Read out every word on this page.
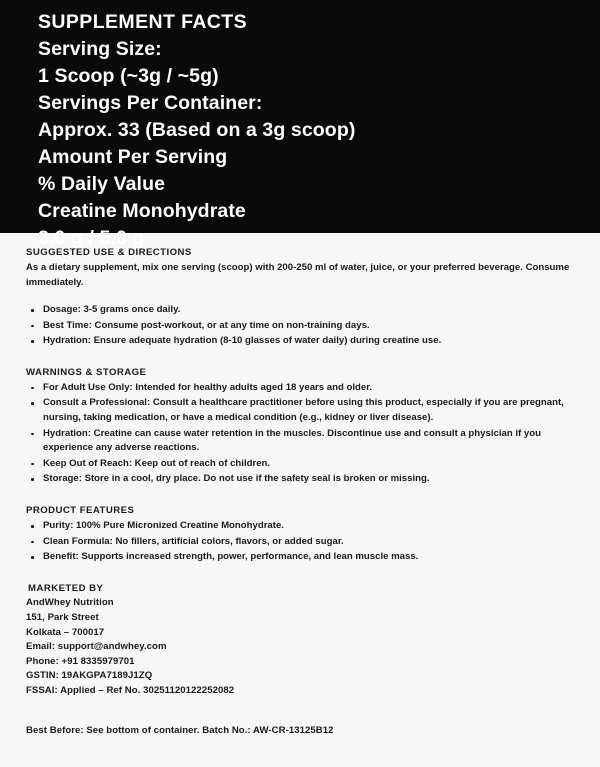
SUPPLEMENT FACTS
Serving Size:
1 Scoop (~3g / ~5g)
Servings Per Container:
Approx. 33 (Based on a 3g scoop)
Amount Per Serving
% Daily Value
Creatine Monohydrate
3.0 g / 5.0 g
SUGGESTED USE & DIRECTIONS

As a dietary supplement, mix one serving (scoop) with 200-250 ml of water, juice, or your preferred beverage. Consume immediately.

Dosage: 3-5 grams once daily.
Best Time: Consume post-workout, or at any time on non-training days.
Hydration: Ensure adequate hydration (8-10 glasses of water daily) during creatine use.
WARNINGS & STORAGE
For Adult Use Only: Intended for healthy adults aged 18 years and older.
Consult a Professional: Consult a healthcare practitioner before using this product, especially if you are pregnant, nursing, taking medication, or have a medical condition (e.g., kidney or liver disease).
Hydration: Creatine can cause water retention in the muscles. Discontinue use and consult a physician if you experience any adverse reactions.
Keep Out of Reach: Keep out of reach of children.
Storage: Store in a cool, dry place. Do not use if the safety seal is broken or missing.
PRODUCT FEATURES
Purity: 100% Pure Micronized Creatine Monohydrate.
Clean Formula: No fillers, artificial colors, flavors, or added sugar.
Benefit: Supports increased strength, power, performance, and lean muscle mass.
MARKETED BY
AndWhey Nutrition
151, Park Street
Kolkata – 700017
Email: support@andwhey.com
Phone: +91 8335979701
GSTIN: 19AKGPA7189J1ZQ
FSSAI: Applied – Ref No. 30251120122252082
Best Before: See bottom of container. Batch No.: AW-CR-13125B12
